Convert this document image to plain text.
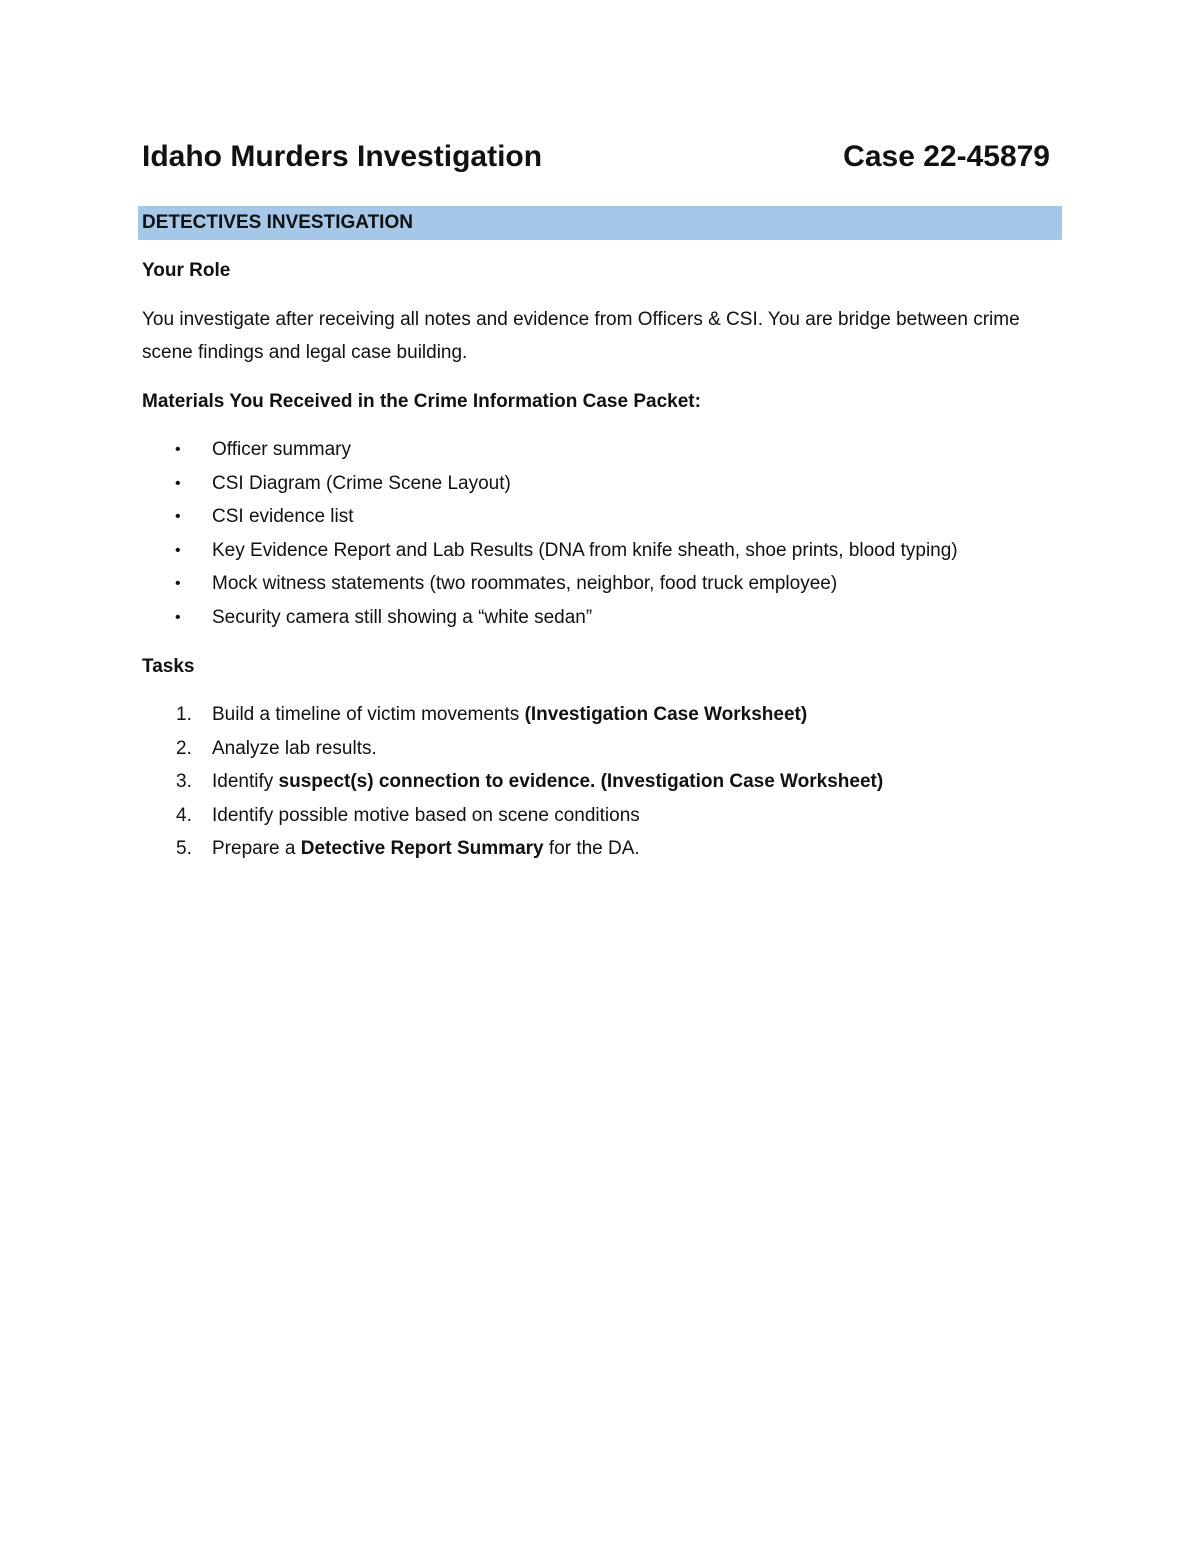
Idaho Murders Investigation	Case 22-45879
DETECTIVES INVESTIGATION
Your Role
You investigate after receiving all notes and evidence from Officers & CSI. You are bridge between crime scene findings and legal case building.
Materials You Received in the Crime Information Case Packet:
• Officer summary
• CSI Diagram (Crime Scene Layout)
• CSI evidence list
• Key Evidence Report and Lab Results (DNA from knife sheath, shoe prints, blood typing)
• Mock witness statements (two roommates, neighbor, food truck employee)
• Security camera still showing a “white sedan”
Tasks
1. Build a timeline of victim movements (Investigation Case Worksheet)
2. Analyze lab results.
3. Identify suspect(s) connection to evidence. (Investigation Case Worksheet)
4. Identify possible motive based on scene conditions
5. Prepare a Detective Report Summary for the DA.
